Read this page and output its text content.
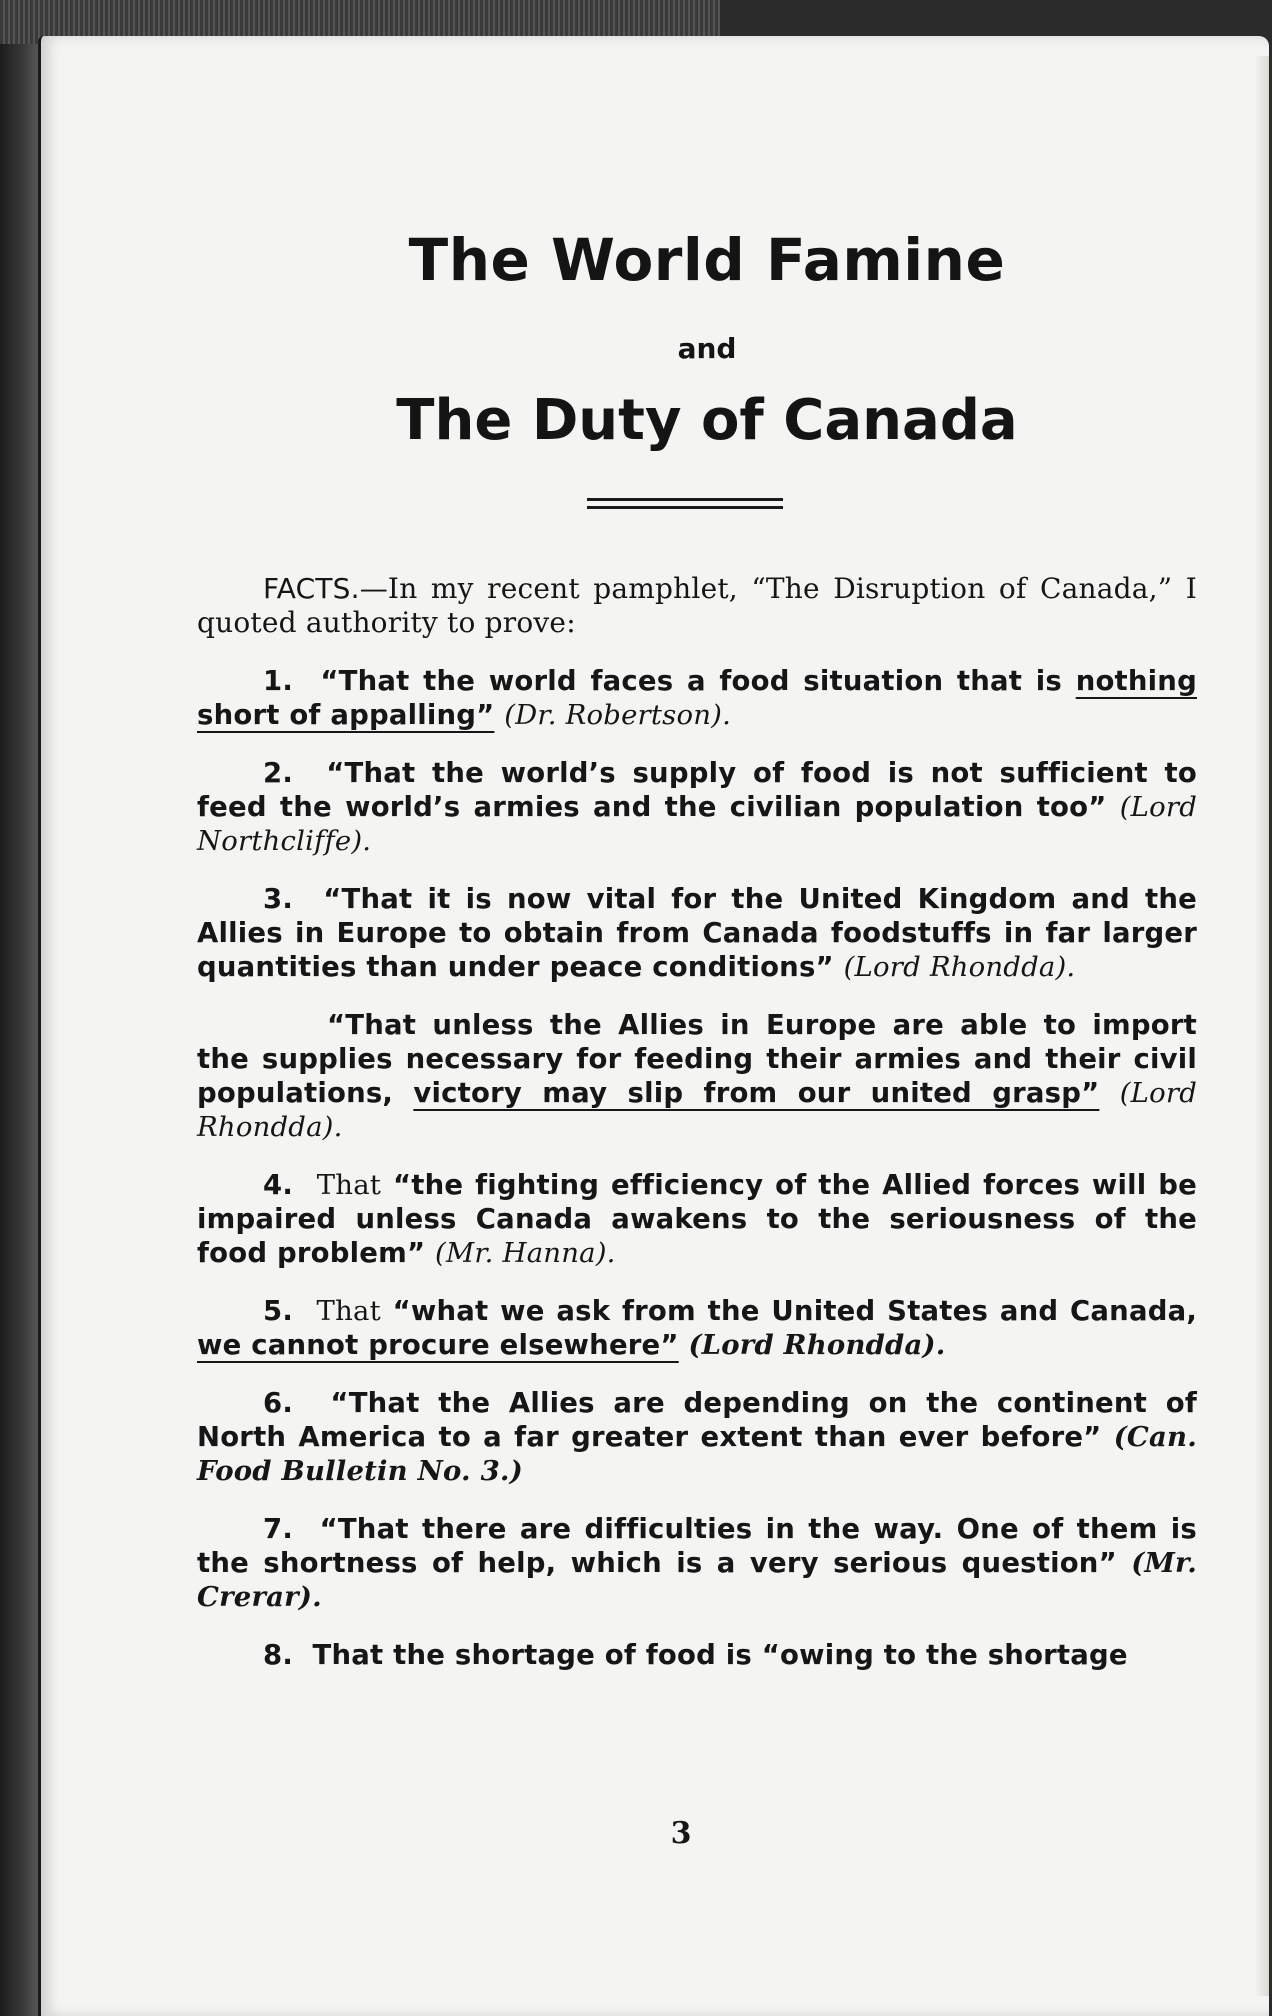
The World Famine
and
The Duty of Canada

FACTS.—In my recent pamphlet, “The Disruption of Canada,” I quoted authority to prove:

1. “That the world faces a food situation that is nothing short of appalling” (Dr. Robertson).

2. “That the world’s supply of food is not sufficient to feed the world’s armies and the civilian population too” (Lord Northcliffe).

3. “That it is now vital for the United Kingdom and the Allies in Europe to obtain from Canada foodstuffs in far larger quantities than under peace conditions” (Lord Rhondda).

“That unless the Allies in Europe are able to import the supplies necessary for feeding their armies and their civil populations, victory may slip from our united grasp” (Lord Rhondda).

4. That “the fighting efficiency of the Allied forces will be impaired unless Canada awakens to the seriousness of the food problem” (Mr. Hanna).

5. That “what we ask from the United States and Canada, we cannot procure elsewhere” (Lord Rhondda).

6. “That the Allies are depending on the continent of North America to a far greater extent than ever before” (Can. Food Bulletin No. 3.)

7. “That there are difficulties in the way. One of them is the shortness of help, which is a very serious question” (Mr. Crerar).

8. That the shortage of food is “owing to the shortage

3
